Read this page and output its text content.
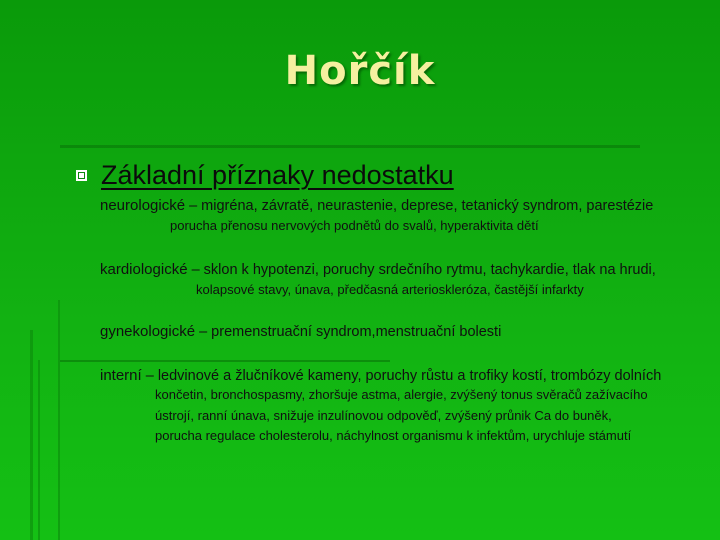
Hořčík
Základní příznaky nedostatku
neurologické – migréna, závratě, neurastenie, deprese, tetanický syndrom, parestézie
porucha přenosu nervových podnětů do svalů, hyperaktivita dětí
kardiologické – sklon k hypotenzi, poruchy srdečního rytmu, tachykardie, tlak na hrudi,
kolapsové stavy, únava, předčasná arterioskleróza, častější infarkty
gynekologické – premenstruační syndrom,menstruační bolesti
interní – ledvinové a žlučníkové kameny, poruchy růstu a trofiky kostí, trombózy dolních
končetin, bronchospasmy, zhoršuje astma, alergie, zvýšený tonus svěračů zažívacího
ústrojí, ranní únava, snižuje inzulínovou odpověď, zvýšený průnik Ca do buněk,
porucha regulace cholesterolu, náchylnost organismu k infektům, urychluje stámutí
